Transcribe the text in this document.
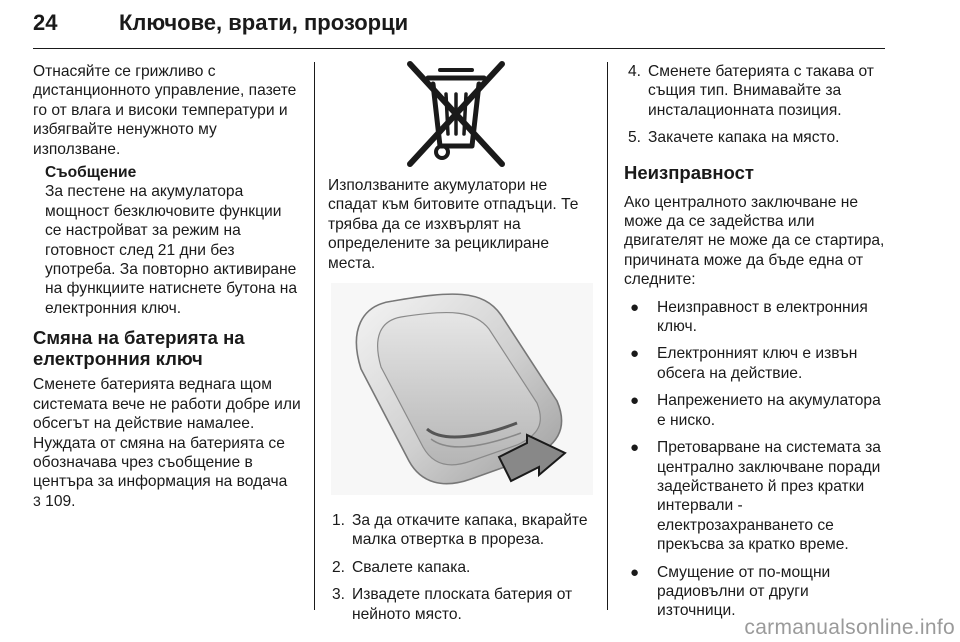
24	Ключове, врати, прозорци

Отнасяйте се грижливо с дистанционното управление, пазете го от влага и високи температури и избягвайте ненужното му използване.

Съобщение
За пестене на акумулатора мощност безключовите функции се настройват за режим на готовност след 21 дни без употреба. За повторно активиране на функциите натиснете бутона на електронния ключ.
Смяна на батерията на електронния ключ

Сменете батерията веднага щом системата вече не работи добре или обсегът на действие намалее. Нуждата от смяна на батерията се обозначава чрез съобщение в центъра за информация на водача
3 109.

Използваните акумулатори не спадат към битовите отпадъци. Те трябва да се изхвърлят на определените за рециклиране места.

1. За да откачите капака, вкарайте малка отвертка в прореза.
2. Свалете капака.
3. Извадете плоската батерия от нейното място.
4. Сменете батерията с такава от същия тип. Внимавайте за инсталационната позиция.
5. Закачете капака на място.
Неизправност

Ако централното заключване не може да се задейства или двигателят не може да се стартира, причината може да бъде една от следните:

● Неизправност в електронния ключ.
● Електронният ключ е извън обсега на действие.
● Напрежението на акумулатора е ниско.
● Претоварване на системата за централно заключване поради задействането й през кратки интервали - електрозахранването се прекъсва за кратко време.
● Смущение от по-мощни радиовълни от други източници.
carmanualsonline.info
